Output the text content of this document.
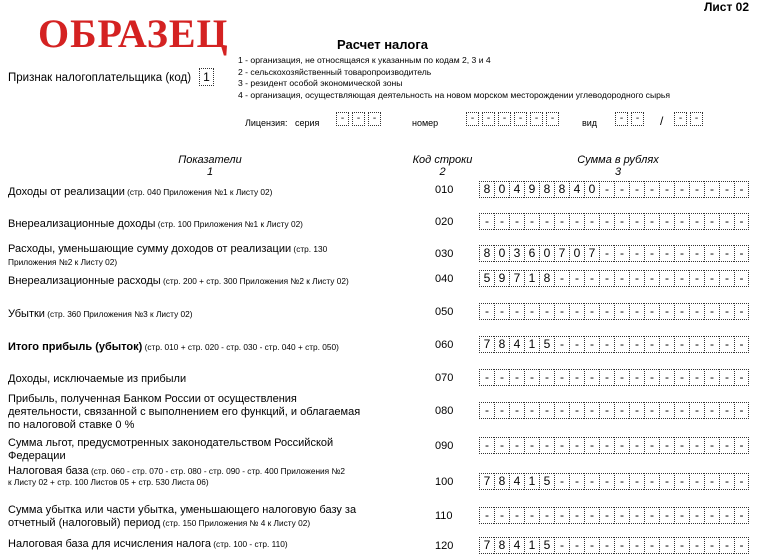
ОБРАЗЕЦ
Лист 02
Расчет налога
1 - организация, не относящаяся к указанным по кодам 2, 3 и 4
2 - сельскохозяйственный товаропроизводитель
3 - резидент особой экономической зоны
4 - организация, осуществляющая деятельность на новом морском месторождении углеводородного сырья
Признак налогоплательщика (код)	1
Лицензия: серия	- - -	номер	- - - - - -	вид	- -	/	- -
Показатели
1
Код строки
2
Сумма в рублях
3
Доходы от реализации (стр. 040 Приложения №1 к Листу 02)	010	8 0 4 9 8 8 4 0 - - - - - - - - - -
Внереализационные доходы (стр. 100 Приложения №1 к Листу 02)	020	- - - - - - - - - - - - - - - - - -
Расходы, уменьшающие сумму доходов от реализации (стр. 130
Приложения №2 к Листу 02)
030	8 0 3 6 0 7 0 7 - - - - - - - - - -
Внереализационные расходы (стр. 200 + стр. 300 Приложения №2 к Листу 02)	040	5 9 7 1 8 - - - - - - - - - - - - -
Убытки (стр. 360 Приложения №3 к Листу 02)	050	- - - - - - - - - - - - - - - - - -
Итого прибыль (убыток) (стр. 010 + стр. 020 - стр. 030 - стр. 040 + стр. 050)	060	7 8 4 1 5 - - - - - - - - - - - - -
Доходы, исключаемые из прибыли	070	- - - - - - - - - - - - - - - - - -
Прибыль, полученная Банком России от осуществления деятельности, связанной с выполнением его функций, и облагаемая по налоговой ставке 0 %
080	- - - - - - - - - - - - - - - - - -
Сумма льгот, предусмотренных законодательством Российской Федерации
090	- - - - - - - - - - - - - - - - - -
Налоговая база (стр. 060 - стр. 070 - стр. 080 - стр. 090 - стр. 400 Приложения №2
к Листу 02 + стр. 100 Листов 05 + стр. 530 Листа 06)	100	7 8 4 1 5 - - - - - - - - - - - - -
Сумма убытка или части убытка, уменьшающего налоговую базу за отчетный (налоговый) период (стр. 150 Приложения № 4 к Листу 02)
110	- - - - - - - - - - - - - - - - - -
Налоговая база для исчисления налога (стр. 100 - стр. 110)	120	7 8 4 1 5 - - - - - - - - - - - - -
